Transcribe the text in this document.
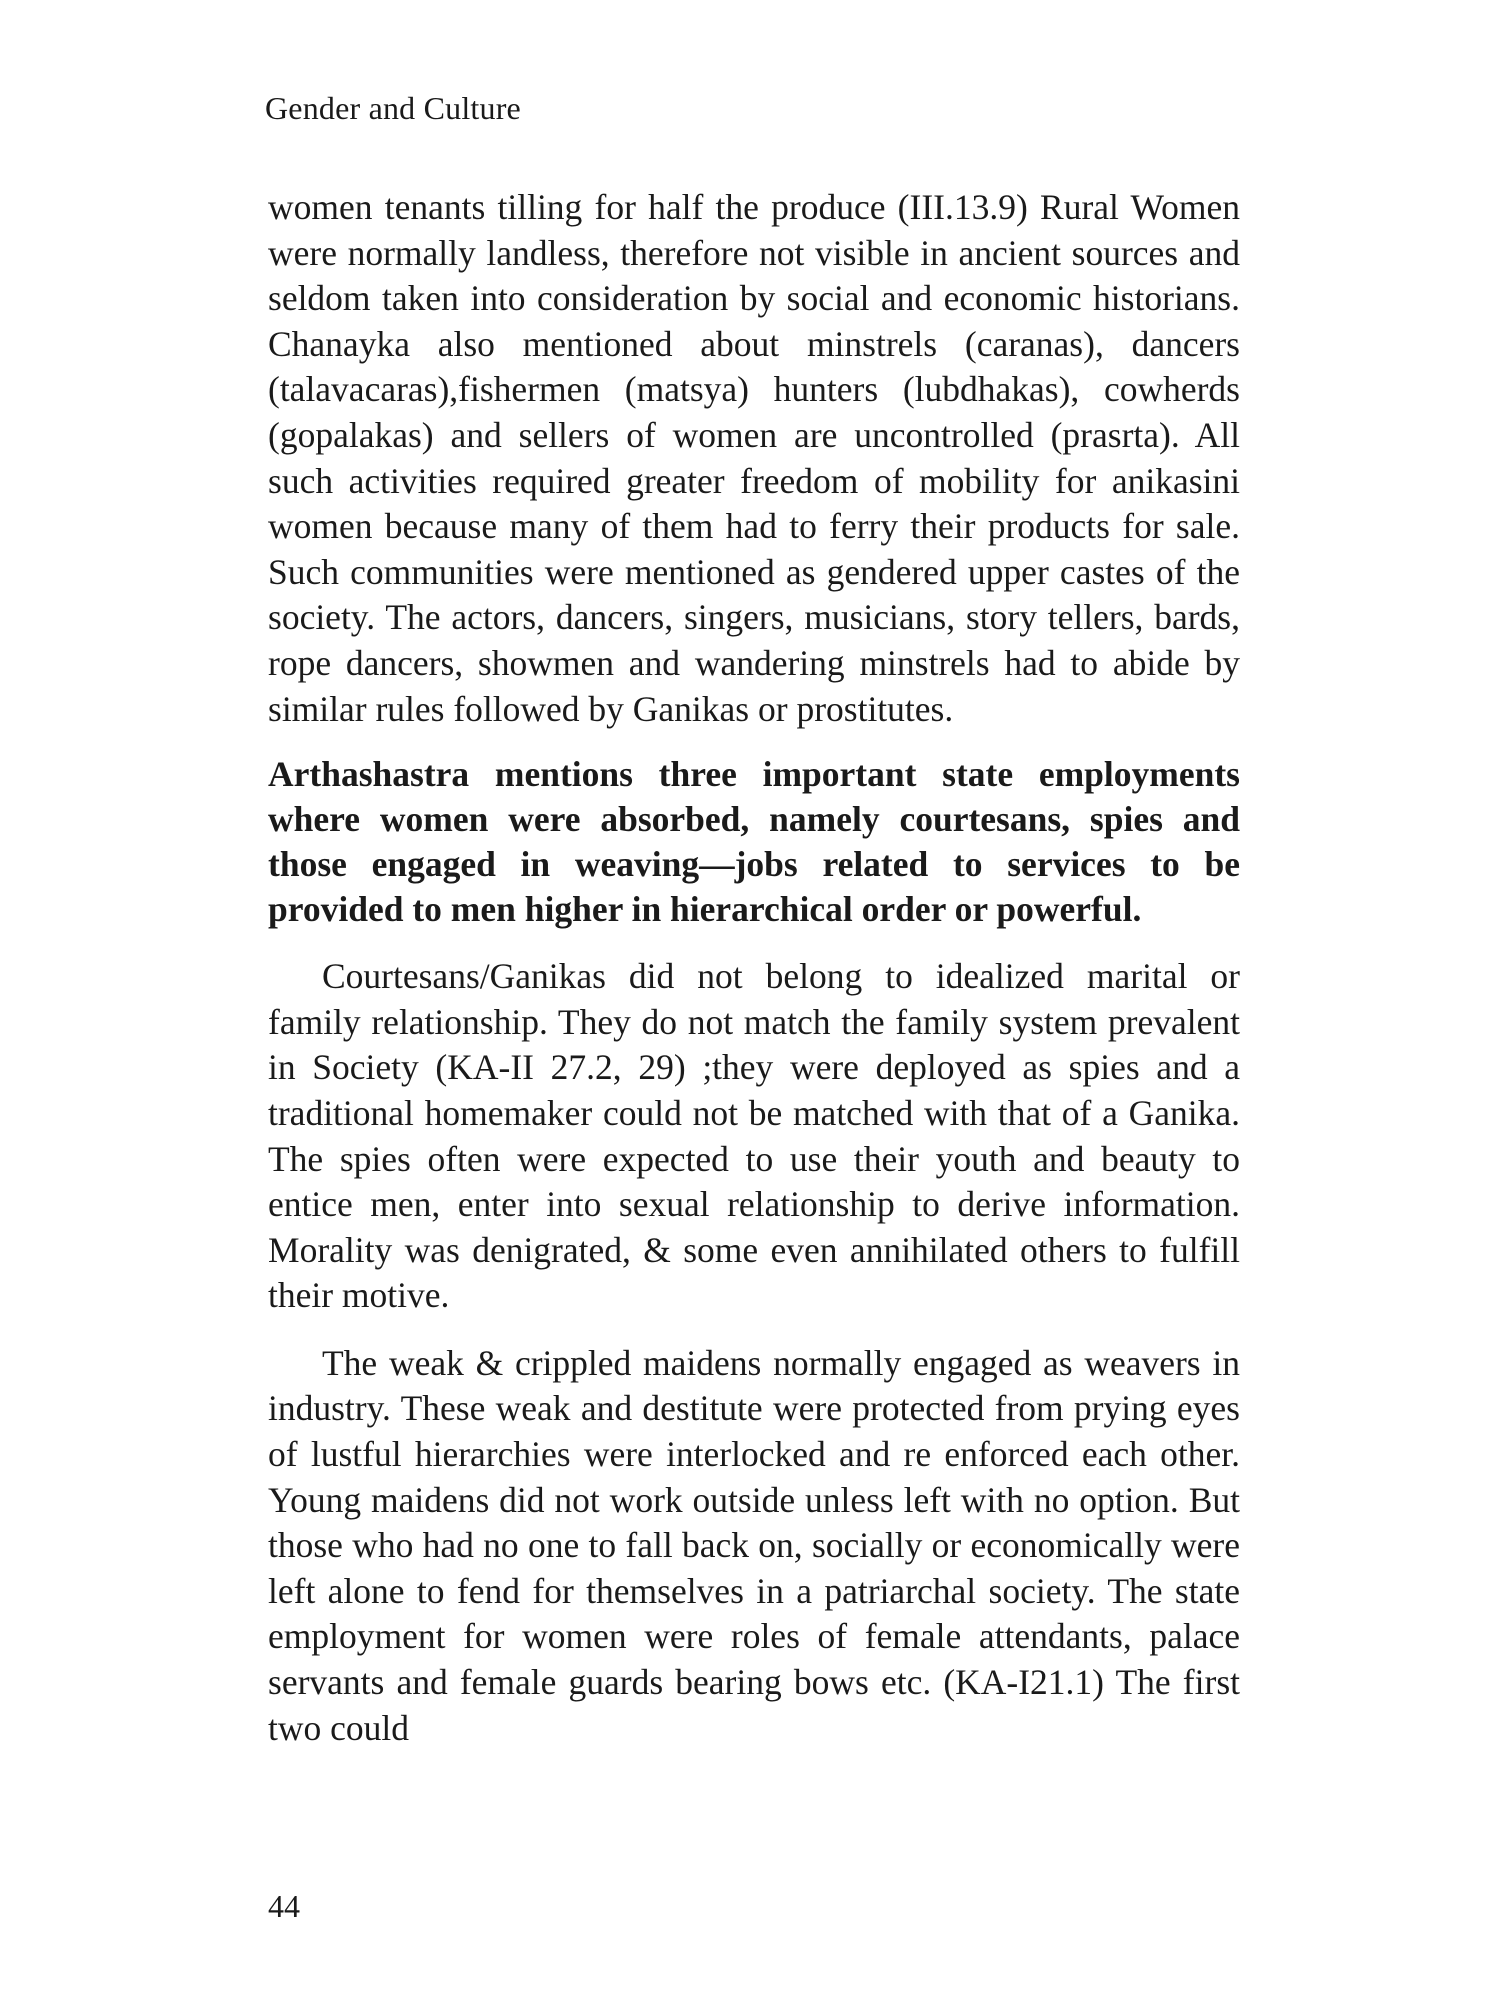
Gender and Culture

women tenants tilling for half the produce (III.13.9) Rural Women were normally landless, therefore not visible in ancient sources and seldom taken into consideration by social and economic historians. Chanayka also mentioned about minstrels (caranas), dancers (talavacaras),fishermen (matsya) hunters (lubdhakas), cowherds (gopalakas) and sellers of women are uncontrolled (prasrta). All such activities required greater freedom of mobility for anikasini women because many of them had to ferry their products for sale. Such communities were mentioned as gendered upper castes of the society. The actors, dancers, singers, musicians, story tellers, bards, rope dancers, showmen and wandering minstrels had to abide by similar rules followed by Ganikas or prostitutes.

Arthashastra mentions three important state employments where women were absorbed, namely courtesans, spies and those engaged in weaving—jobs related to services to be provided to men higher in hierarchical order or powerful.

Courtesans/Ganikas did not belong to idealized marital or family relationship. They do not match the family system prevalent in Society (KA-II 27.2, 29) ;they were deployed as spies and a traditional homemaker could not be matched with that of a Ganika. The spies often were expected to use their youth and beauty to entice men, enter into sexual relationship to derive information. Morality was denigrated, & some even annihilated others to fulfill their motive.

The weak & crippled maidens normally engaged as weavers in industry. These weak and destitute were protected from prying eyes of lustful hierarchies were interlocked and re enforced each other. Young maidens did not work outside unless left with no option. But those who had no one to fall back on, socially or economically were left alone to fend for themselves in a patriarchal society. The state employment for women were roles of female attendants, palace servants and female guards bearing bows etc. (KA-I21.1) The first two could

44
